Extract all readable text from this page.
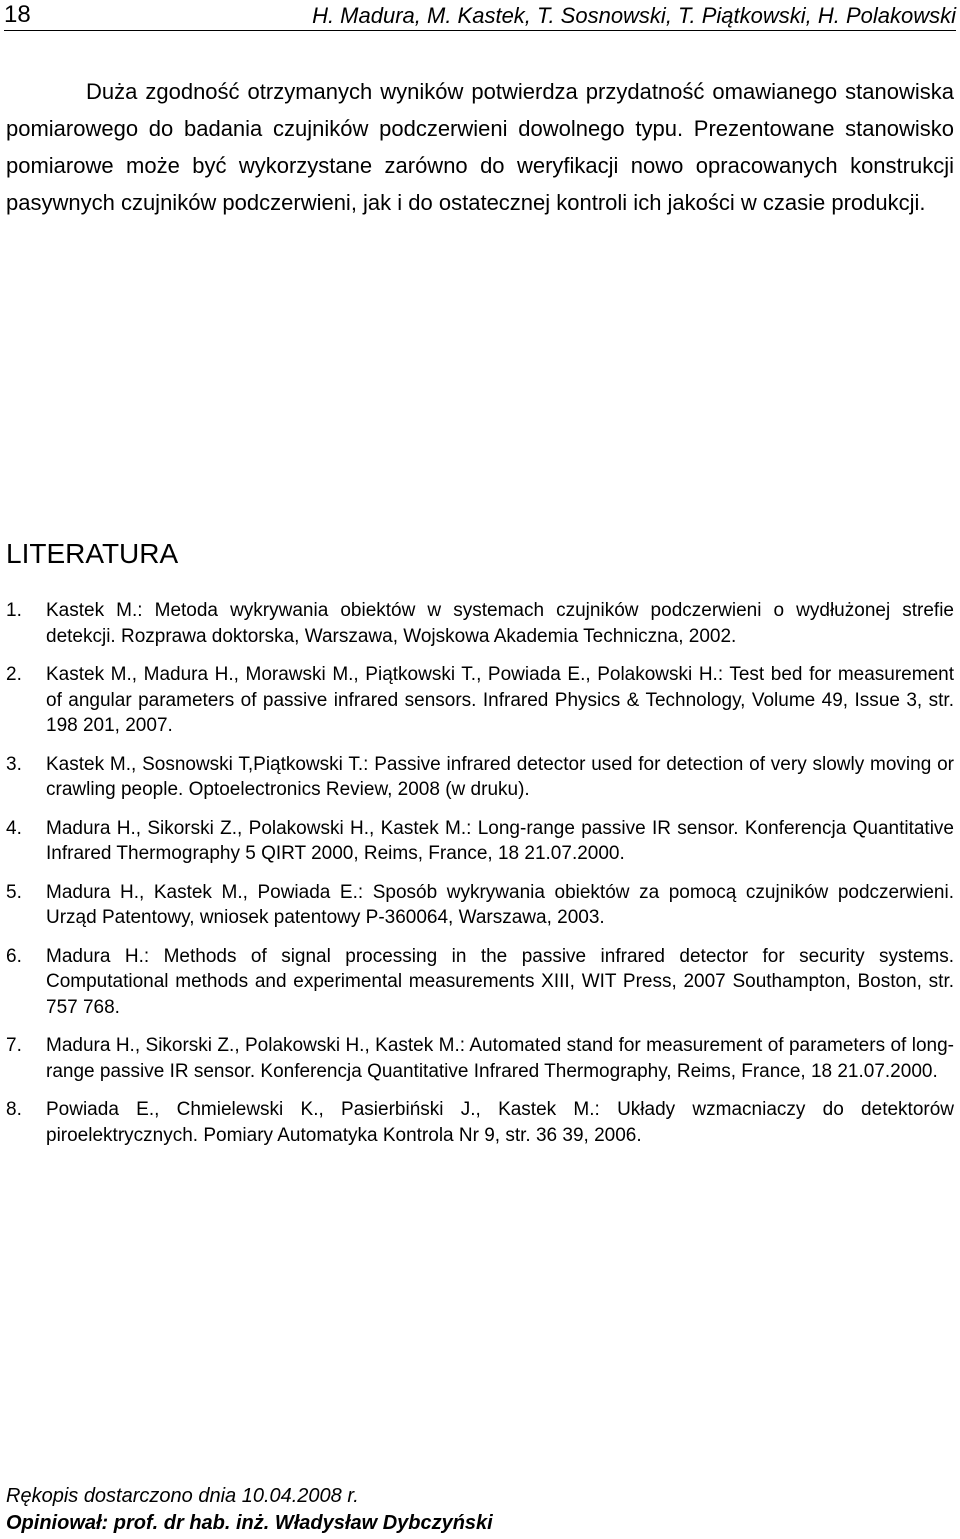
18	H. Madura, M. Kastek, T. Sosnowski, T. Piątkowski, H. Polakowski

Duża zgodność otrzymanych wyników potwierdza przydatność omawianego stanowiska pomiarowego do badania czujników podczerwieni dowolnego typu. Prezentowane stanowisko pomiarowe może być wykorzystane zarówno do weryfikacji nowo opracowanych konstrukcji pasywnych czujników podczerwieni, jak i do ostatecznej kontroli ich jakości w czasie produkcji.

LITERATURA
1. Kastek M.: Metoda wykrywania obiektów w systemach czujników podczerwieni o wydłużonej strefie detekcji. Rozprawa doktorska, Warszawa, Wojskowa Akademia Techniczna, 2002.
2. Kastek M., Madura H., Morawski M., Piątkowski T., Powiada E., Polakowski H.: Test bed for measurement of angular parameters of passive infrared sensors. Infrared Physics & Technology, Volume 49, Issue 3, str. 198 201, 2007.
3. Kastek M., Sosnowski T,Piątkowski T.: Passive infrared detector used for detection of very slowly moving or crawling people. Optoelectronics Review, 2008 (w druku).
4. Madura H., Sikorski Z., Polakowski H., Kastek M.: Long-range passive IR sensor. Konferencja Quantitative Infrared Thermography 5 QIRT 2000, Reims, France, 18 21.07.2000.
5. Madura H., Kastek M., Powiada E.: Sposób wykrywania obiektów za pomocą czujników podczerwieni. Urząd Patentowy, wniosek patentowy P-360064, Warszawa, 2003.
6. Madura H.: Methods of signal processing in the passive infrared detector for security systems. Computational methods and experimental measurements XIII, WIT Press, 2007 Southampton, Boston, str. 757 768.
7. Madura H., Sikorski Z., Polakowski H., Kastek M.: Automated stand for measurement of parameters of long-range passive IR sensor. Konferencja Quantitative Infrared Thermography, Reims, France, 18 21.07.2000.
8. Powiada E., Chmielewski K., Pasierbiński J., Kastek M.: Układy wzmacniaczy do detektorów piroelektrycznych. Pomiary Automatyka Kontrola Nr 9, str. 36 39, 2006.
Rękopis dostarczono dnia 10.04.2008 r.
Opiniował: prof. dr hab. inż. Władysław Dybczyński
